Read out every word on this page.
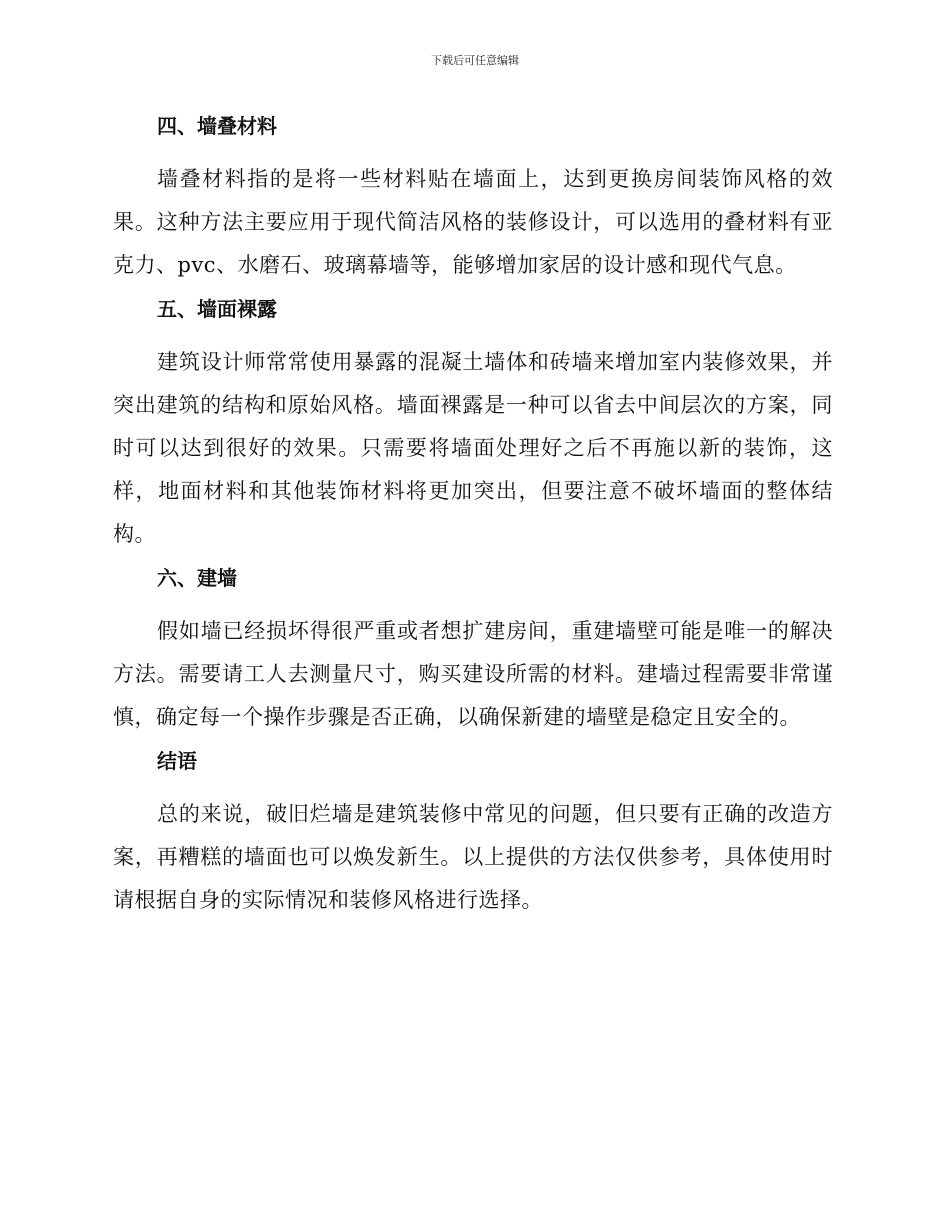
下载后可任意编辑
四、墙叠材料

墙叠材料指的是将一些材料贴在墙面上，达到更换房间装饰风格的效果。这种方法主要应用于现代简洁风格的装修设计，可以选用的叠材料有亚克力、pvc、水磨石、玻璃幕墙等，能够增加家居的设计感和现代气息。

五、墙面裸露

建筑设计师常常使用暴露的混凝土墙体和砖墙来增加室内装修效果，并突出建筑的结构和原始风格。墙面裸露是一种可以省去中间层次的方案，同时可以达到很好的效果。只需要将墙面处理好之后不再施以新的装饰，这样，地面材料和其他装饰材料将更加突出，但要注意不破坏墙面的整体结构。

六、建墙

假如墙已经损坏得很严重或者想扩建房间，重建墙壁可能是唯一的解决方法。需要请工人去测量尺寸，购买建设所需的材料。建墙过程需要非常谨慎，确定每一个操作步骤是否正确，以确保新建的墙壁是稳定且安全的。

结语

总的来说，破旧烂墙是建筑装修中常见的问题，但只要有正确的改造方案，再糟糕的墙面也可以焕发新生。以上提供的方法仅供参考，具体使用时请根据自身的实际情况和装修风格进行选择。
